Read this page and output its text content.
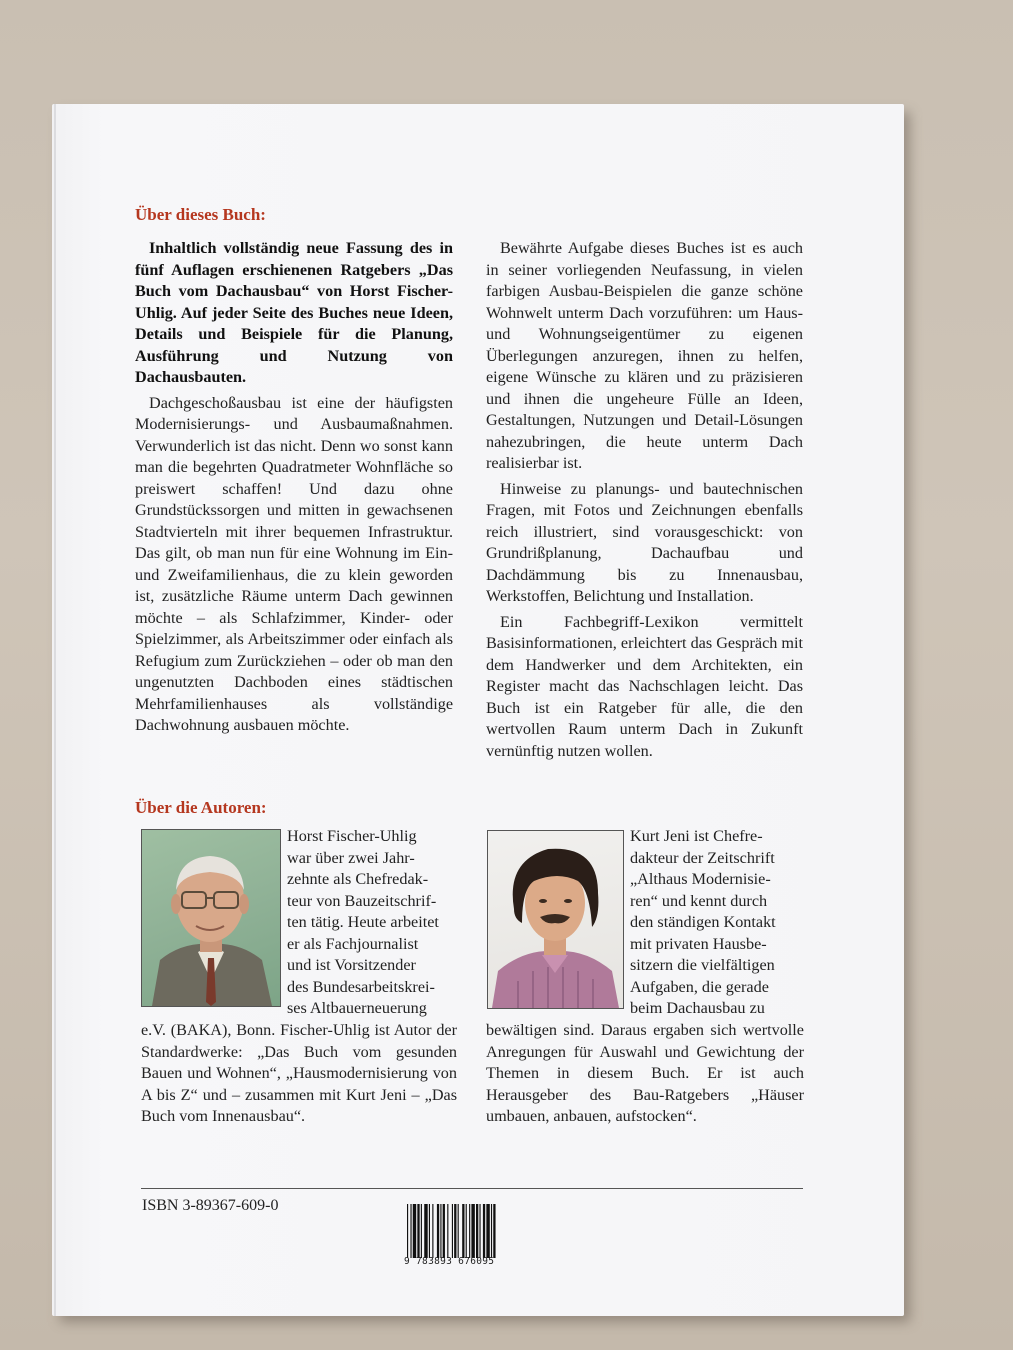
Über dieses Buch:

Inhaltlich vollständig neue Fassung des in fünf Auflagen erschienenen Ratgebers „Das Buch vom Dachausbau“ von Horst Fischer-Uhlig. Auf jeder Seite des Buches neue Ideen, Details und Beispiele für die Planung, Ausführung und Nutzung von Dachausbauten.

Dachgeschoßausbau ist eine der häufigsten Modernisierungs- und Ausbaumaßnahmen. Verwunderlich ist das nicht. Denn wo sonst kann man die begehrten Quadratmeter Wohnfläche so preiswert schaffen! Und dazu ohne Grundstückssorgen und mitten in gewachsenen Stadtvierteln mit ihrer bequemen Infrastruktur. Das gilt, ob man nun für eine Wohnung im Ein- und Zweifamilienhaus, die zu klein geworden ist, zusätzliche Räume unterm Dach gewinnen möchte – als Schlafzimmer, Kinder- oder Spielzimmer, als Arbeitszimmer oder einfach als Refugium zum Zurückziehen – oder ob man den ungenutzten Dachboden eines städtischen Mehrfamilienhauses als vollständige Dachwohnung ausbauen möchte.

Bewährte Aufgabe dieses Buches ist es auch in seiner vorliegenden Neufassung, in vielen farbigen Ausbau-Beispielen die ganze schöne Wohnwelt unterm Dach vorzuführen: um Haus- und Wohnungseigentümer zu eigenen Überlegungen anzuregen, ihnen zu helfen, eigene Wünsche zu klären und zu präzisieren und ihnen die ungeheure Fülle an Ideen, Gestaltungen, Nutzungen und Detail-Lösungen nahezubringen, die heute unterm Dach realisierbar ist.

Hinweise zu planungs- und bautechnischen Fragen, mit Fotos und Zeichnungen ebenfalls reich illustriert, sind vorausgeschickt: von Grundrißplanung, Dachaufbau und Dachdämmung bis zu Innenausbau, Werkstoffen, Belichtung und Installation.

Ein Fachbegriff-Lexikon vermittelt Basisinformationen, erleichtert das Gespräch mit dem Handwerker und dem Architekten, ein Register macht das Nachschlagen leicht. Das Buch ist ein Ratgeber für alle, die den wertvollen Raum unterm Dach in Zukunft vernünftig nutzen wollen.

Über die Autoren:
Horst Fischer-Uhlig
war über zwei Jahr-
zehnte als Chefredak-
teur von Bauzeitschrif-
ten tätig. Heute arbeitet
er als Fachjournalist
und ist Vorsitzender
des Bundesarbeitskrei-
ses Altbauerneuerung
e.V. (BAKA), Bonn. Fischer-Uhlig ist Autor der Standardwerke: „Das Buch vom gesunden Bauen und Wohnen“, „Hausmodernisierung von A bis Z“ und – zusammen mit Kurt Jeni – „Das Buch vom Innenausbau“.
Kurt Jeni ist Chefre-
dakteur der Zeitschrift
„Althaus Modernisie-
ren“ und kennt durch
den ständigen Kontakt
mit privaten Hausbe-
sitzern die vielfältigen
Aufgaben, die gerade
beim Dachausbau zu
bewältigen sind. Daraus ergaben sich wertvolle Anregungen für Auswahl und Gewichtung der Themen in diesem Buch. Er ist auch Herausgeber des Bau-Ratgebers „Häuser umbauen, anbauen, aufstocken“.
ISBN 3-89367-609-0
9 783893 676095
